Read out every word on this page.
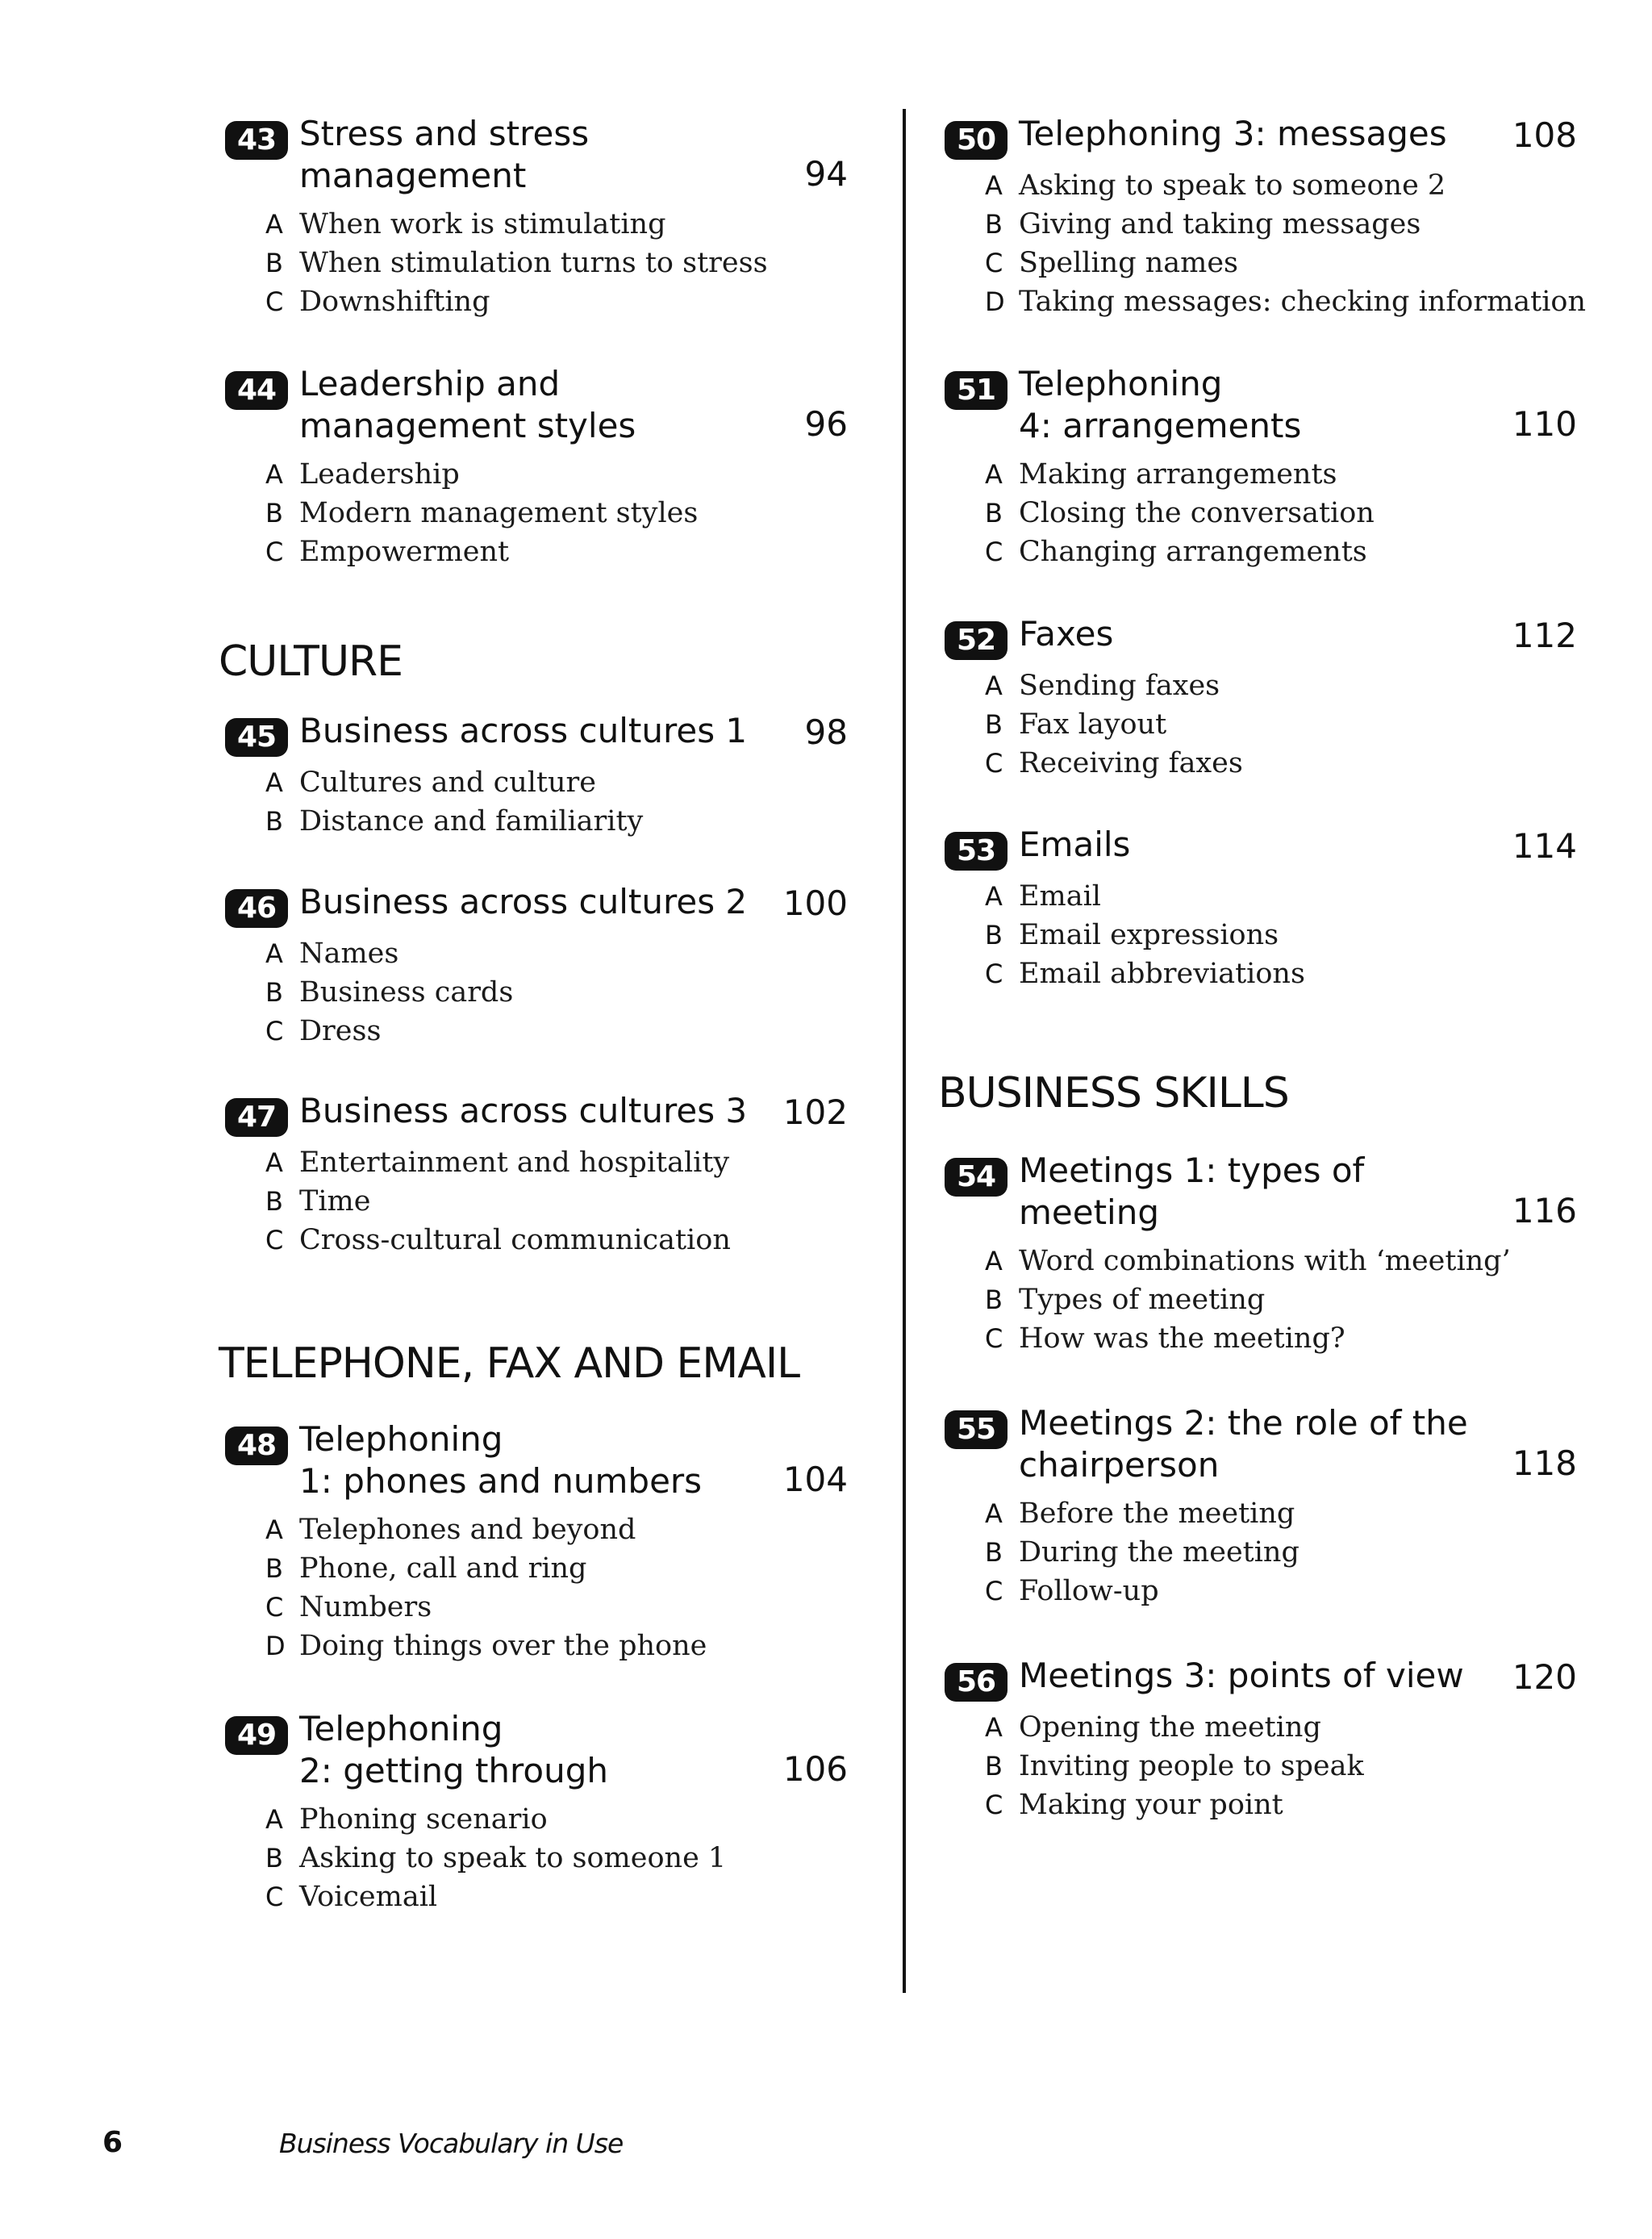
43 Stress and stress
management	94
A When work is stimulating
B When stimulation turns to stress
C Downshifting
44 Leadership and
management styles	96
A Leadership
B Modern management styles
C Empowerment
45 Business across cultures 1 98
A Cultures and culture
B Distance and familiarity
46 Business across cultures 2 100
A Names
B Business cards
C Dress
47 Business across cultures 3 102
A Entertainment and hospitality
B Time
C Cross-cultural communication
48 Telephoning
1: phones and numbers	104
A Telephones and beyond
B Phone, call and ring
C Numbers
D Doing things over the phone
49 Telephoning
2: getting through	106
A Phoning scenario
B Asking to speak to someone 1
C Voicemail
CULTURE
TELEPHONE, FAX AND EMAIL
50 Telephoning 3: messages	108
A Asking to speak to someone 2
B Giving and taking messages
C Spelling names
D Taking messages: checking information
51 Telephoning
4: arrangements	110
A Making arrangements
B Closing the conversation
C Changing arrangements
52 Faxes	112
A Sending faxes
B Fax layout
C Receiving faxes
53 Emails	114
A Email
B Email expressions
C Email abbreviations
54 Meetings 1: types of
meeting	116
A Word combinations with ‘meeting’
B Types of meeting
C How was the meeting?
55 Meetings 2: the role of the
chairperson	118
A Before the meeting
B During the meeting
C Follow-up
56 Meetings 3: points of view 120
A Opening the meeting
B Inviting people to speak
C Making your point
BUSINESS SKILLS
6	Business Vocabulary in Use
